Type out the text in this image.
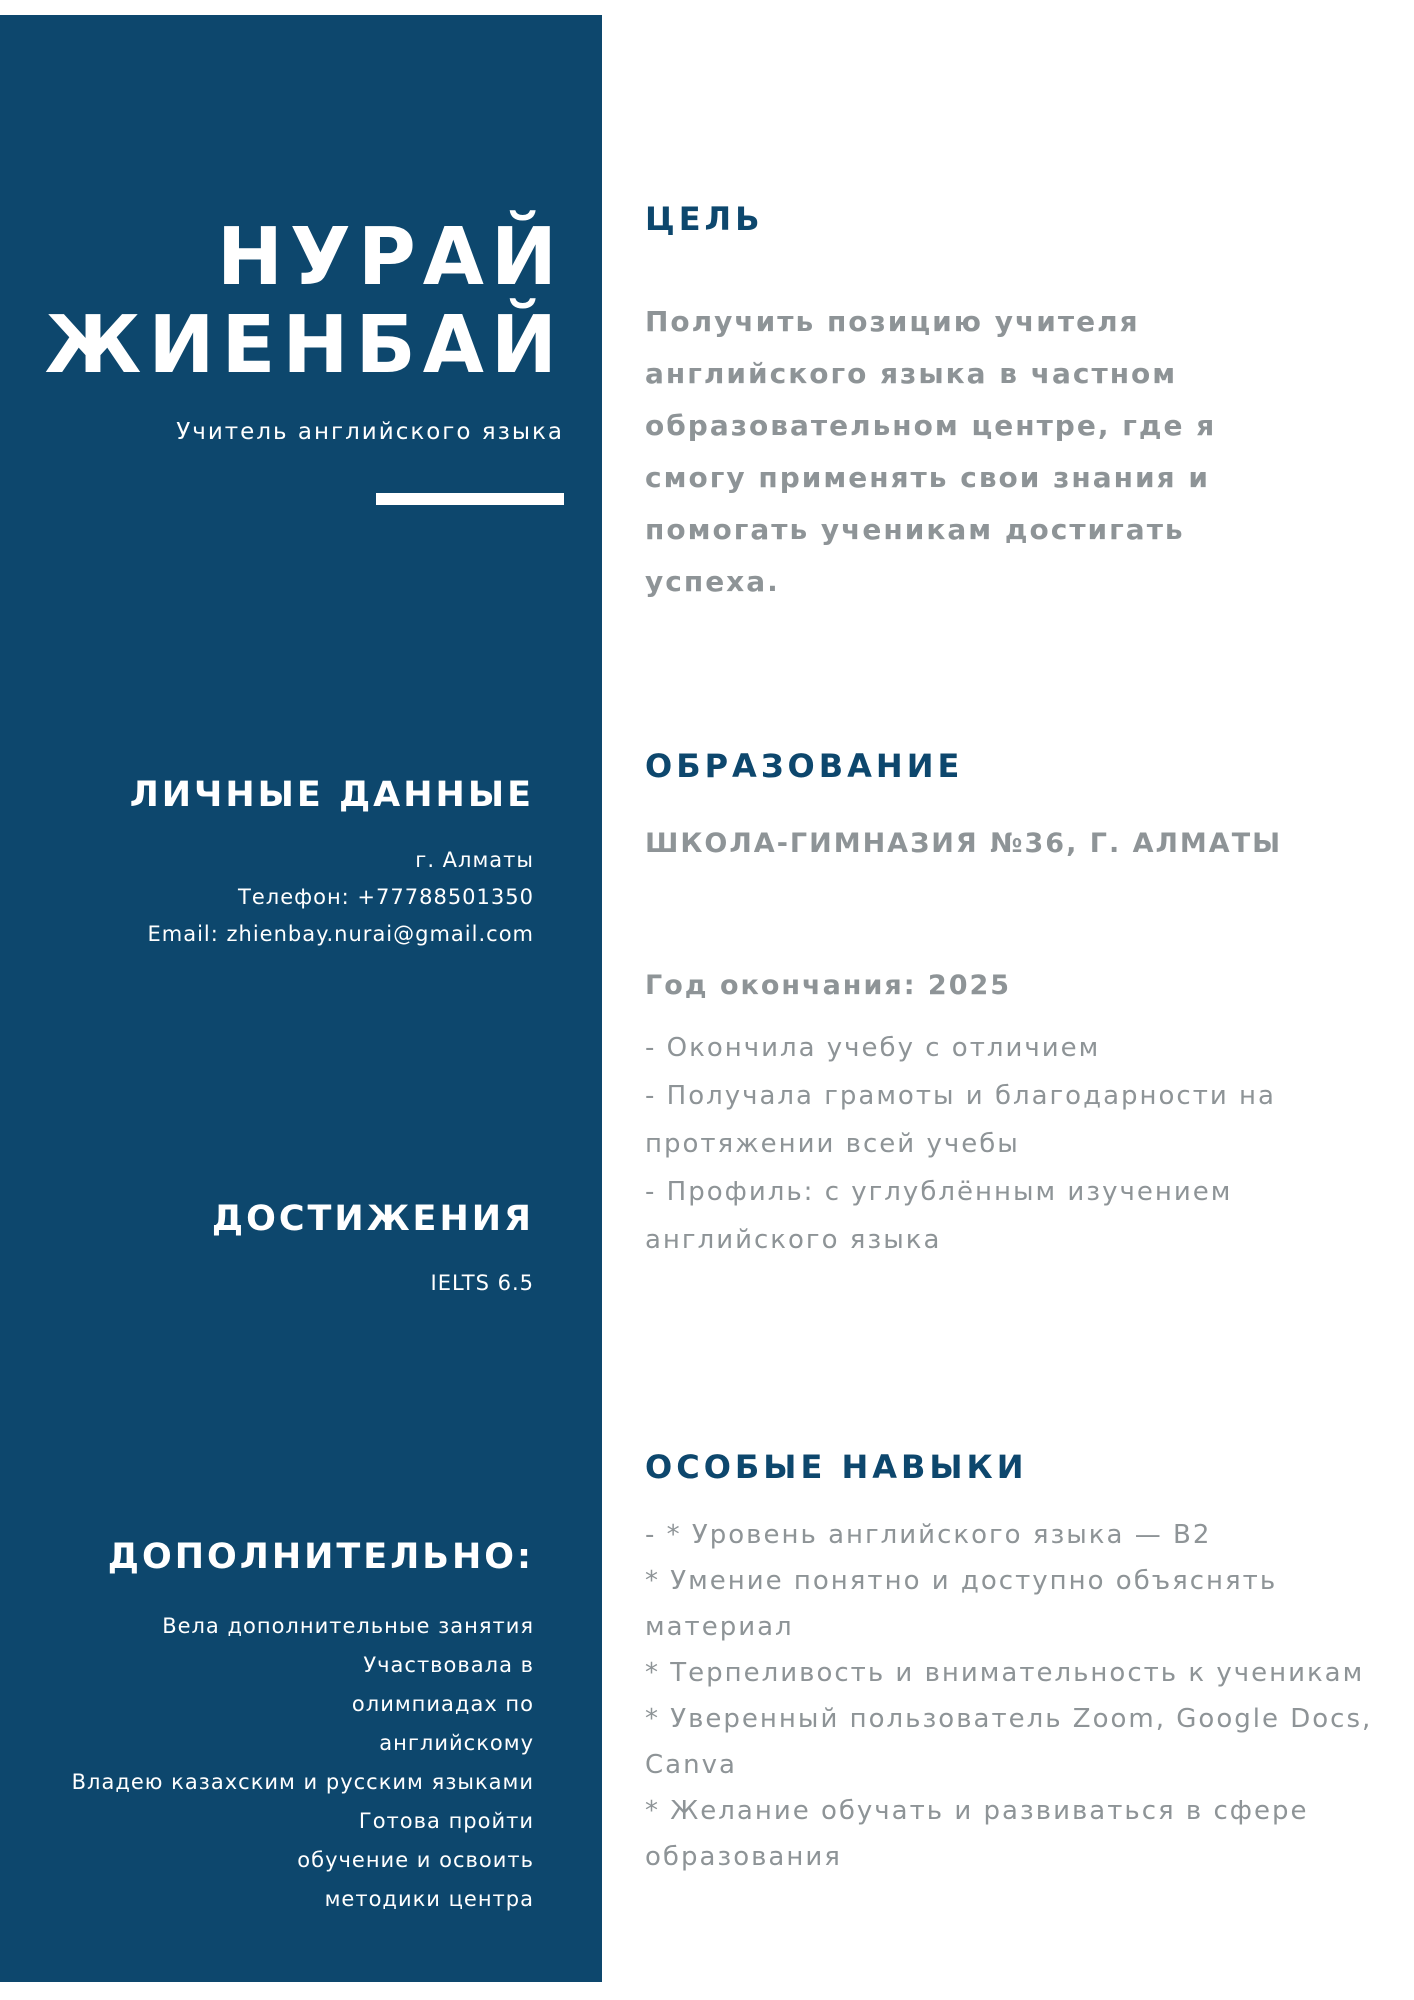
НУРАЙ
ЖИЕНБАЙ
Учитель английского языка
ЛИЧНЫЕ ДАННЫЕ
г. Алматы
Телефон: +77788501350
Email: zhienbay.nurai@gmail.com
ДОСТИЖЕНИЯ
IELTS 6.5
ДОПОЛНИТЕЛЬНО:
Вела дополнительные занятия
Участвовала в олимпиадах по английскому
Владею казахским и русским языками
Готова пройти обучение и освоить методики центра
ЦЕЛЬ

Получить позицию учителя английского языка в частном образовательном центре, где я смогу применять свои знания и помогать ученикам достигать успеха.

ОБРАЗОВАНИЕ
ШКОЛА-ГИМНАЗИЯ №36, Г. АЛМАТЫ
Год окончания: 2025
- Окончила учебу с отличием
- Получала грамоты и благодарности на протяжении всей учебы
- Профиль: с углублённым изучением английского языка
ОСОБЫЕ НАВЫКИ
- * Уровень английского языка — B2
* Умение понятно и доступно объяснять материал
* Терпеливость и внимательность к ученикам
* Уверенный пользователь Zoom, Google Docs, Canva
* Желание обучать и развиваться в сфере образования
